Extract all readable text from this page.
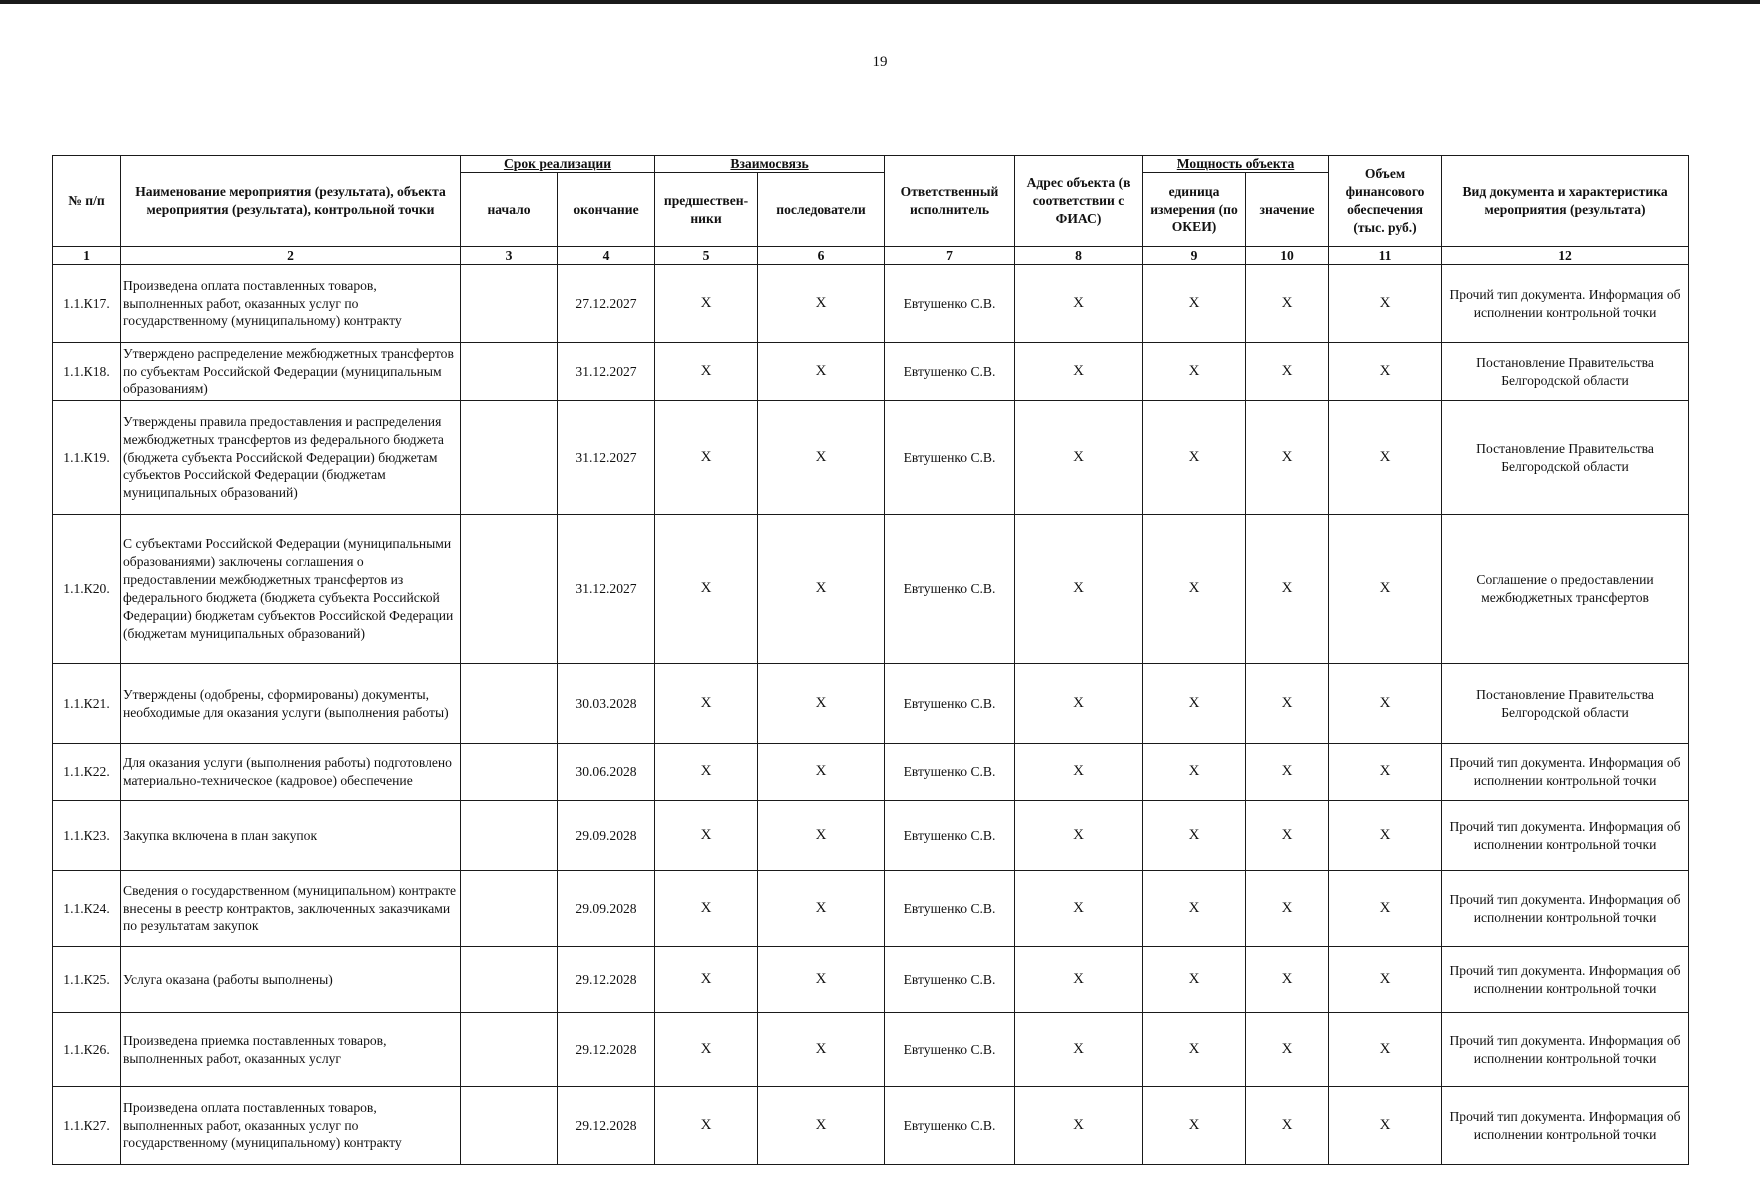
19
№ п/п	Наименование мероприятия (результата), объекта мероприятия (результата), контрольной точки	Срок реализации		Взаимосвязь		Ответственный исполнитель	Адрес объекта (в соответствии с ФИАС)	Мощность объекта		Объем финансового обеспечения (тыс. руб.)	Вид документа и характеристика мероприятия (результата)
		начало	окончание	предшествен-ники	последователи			единица измерения (по ОКЕИ)	значение		
1	2	3	4	5	6	7	8	9	10	11	12
1.1.К17.	Произведена оплата поставленных товаров, выполненных работ, оказанных услуг по государственному (муниципальному) контракту		27.12.2027	X	X	Евтушенко С.В.	X	X	X	X	Прочий тип документа. Информация об исполнении контрольной точки
1.1.К18.	Утверждено распределение межбюджетных трансфертов по субъектам Российской Федерации (муниципальным образованиям)		31.12.2027	X	X	Евтушенко С.В.	X	X	X	X	Постановление Правительства Белгородской области
1.1.К19.	Утверждены правила предоставления и распределения межбюджетных трансфертов из федерального бюджета (бюджета субъекта Российской Федерации) бюджетам субъектов Российской Федерации (бюджетам муниципальных образований)		31.12.2027	X	X	Евтушенко С.В.	X	X	X	X	Постановление Правительства Белгородской области
1.1.К20.	С субъектами Российской Федерации (муниципальными образованиями) заключены соглашения о предоставлении межбюджетных трансфертов из федерального бюджета (бюджета субъекта Российской Федерации) бюджетам субъектов Российской Федерации (бюджетам муниципальных образований)		31.12.2027	X	X	Евтушенко С.В.	X	X	X	X	Соглашение о предоставлении межбюджетных трансфертов
1.1.К21.	Утверждены (одобрены, сформированы) документы, необходимые для оказания услуги (выполнения работы)		30.03.2028	X	X	Евтушенко С.В.	X	X	X	X	Постановление Правительства Белгородской области
1.1.К22.	Для оказания услуги (выполнения работы) подготовлено материально-техническое (кадровое) обеспечение		30.06.2028	X	X	Евтушенко С.В.	X	X	X	X	Прочий тип документа. Информация об исполнении контрольной точки
1.1.К23.	Закупка включена в план закупок		29.09.2028	X	X	Евтушенко С.В.	X	X	X	X	Прочий тип документа. Информация об исполнении контрольной точки
1.1.К24.	Сведения о государственном (муниципальном) контракте внесены в реестр контрактов, заключенных заказчиками по результатам закупок		29.09.2028	X	X	Евтушенко С.В.	X	X	X	X	Прочий тип документа. Информация об исполнении контрольной точки
1.1.К25.	Услуга оказана (работы выполнены)		29.12.2028	X	X	Евтушенко С.В.	X	X	X	X	Прочий тип документа. Информация об исполнении контрольной точки
1.1.К26.	Произведена приемка поставленных товаров, выполненных работ, оказанных услуг		29.12.2028	X	X	Евтушенко С.В.	X	X	X	X	Прочий тип документа. Информация об исполнении контрольной точки
1.1.К27.	Произведена оплата поставленных товаров, выполненных работ, оказанных услуг по государственному (муниципальному) контракту		29.12.2028	X	X	Евтушенко С.В.	X	X	X	X	Прочий тип документа. Информация об исполнении контрольной точки
